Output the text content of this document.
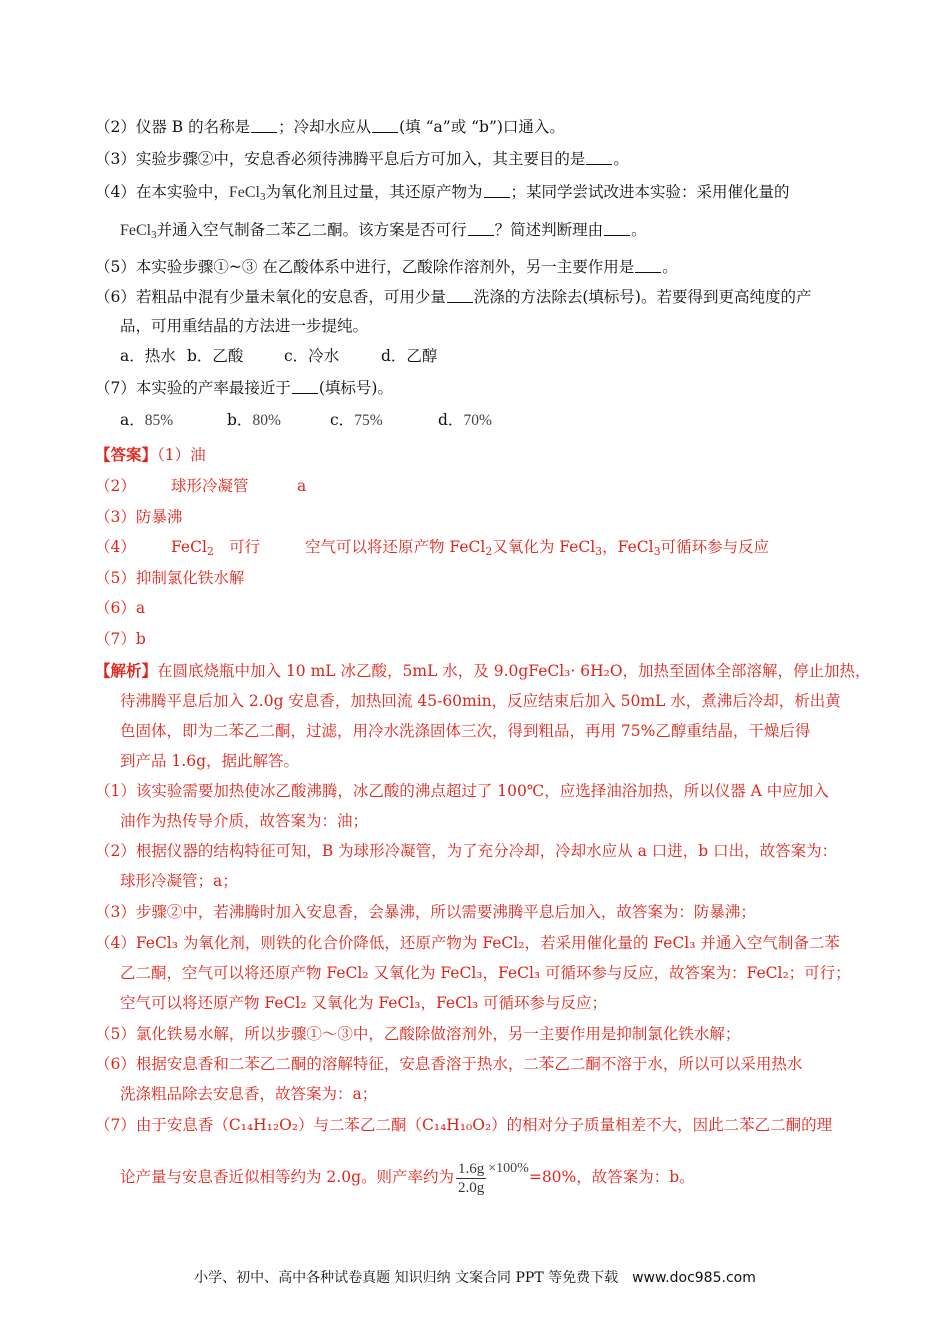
（2）仪器 B 的名称是 ；冷却水应从 (填 “a”或 “b”)口通入。
（3）实验步骤②中，安息香必须待沸腾平息后方可加入，其主要目的是 。
（4）在本实验中，FeCl$_3$为氧化剂且过量，其还原产物为 ；某同学尝试改进本实验：采用催化量的
FeCl$_3$并通入空气制备二苯乙二酮。该方案是否可行 ？简述判断理由 。
（5）本实验步骤①~③ 在乙酸体系中进行，乙酸除作溶剂外，另一主要作用是 。
（6）若粗品中混有少量未氧化的安息香，可用少量 洗涤的方法除去(填标号)。若要得到更高纯度的产
品，可用重结晶的方法进一步提纯。
a．热水 b．乙酸	c．冷水	d．乙醇
（7）本实验的产率最接近于 (填标号)。
a．85%	b．80%	c．75%	d．70%
【答案】（1）油
（2） 球形冷凝管	a
（3）防暴沸
（4） FeCl$_2$ 可行	空气可以将还原产物 FeCl$_2$又氧化为 FeCl$_3$，FeCl$_3$可循环参与反应
（5）抑制氯化铁水解
（6）a
（7）b
【解析】在圆底烧瓶中加入 10 mL 冰乙酸，5mL 水，及 9.0gFeCl₃· 6H₂O，加热至固体全部溶解，停止加热，
待沸腾平息后加入 2.0g 安息香，加热回流 45-60min，反应结束后加入 50mL 水，煮沸后冷却，析出黄
色固体，即为二苯乙二酮，过滤，用冷水洗涤固体三次，得到粗品，再用 75%乙醇重结晶，干燥后得
到产品 1.6g，据此解答。
（1）该实验需要加热使冰乙酸沸腾，冰乙酸的沸点超过了 100℃，应选择油浴加热，所以仪器 A 中应加入
油作为热传导介质，故答案为：油；
（2）根据仪器的结构特征可知，B 为球形冷凝管，为了充分冷却，冷却水应从 a 口进，b 口出，故答案为：
球形冷凝管；a；
（3）步骤②中，若沸腾时加入安息香，会暴沸，所以需要沸腾平息后加入，故答案为：防暴沸；
（4）FeCl₃ 为氧化剂，则铁的化合价降低，还原产物为 FeCl₂，若采用催化量的 FeCl₃ 并通入空气制备二苯
乙二酮，空气可以将还原产物 FeCl₂ 又氧化为 FeCl₃，FeCl₃ 可循环参与反应，故答案为：FeCl₂；可行；
空气可以将还原产物 FeCl₂ 又氧化为 FeCl₃，FeCl₃ 可循环参与反应；
（5）氯化铁易水解，所以步骤①～③中，乙酸除做溶剂外，另一主要作用是抑制氯化铁水解；
（6）根据安息香和二苯乙二酮的溶解特征，安息香溶于热水，二苯乙二酮不溶于水，所以可以采用热水
洗涤粗品除去安息香，故答案为：a；
（7）由于安息香（C₁₄H₁₂O₂）与二苯乙二酮（C₁₄H₁₀O₂）的相对分子质量相差不大，因此二苯乙二酮的理
论产量与安息香近似相等约为 2.0g。则产率约为 $\frac{1.6g}{2.0g} \times 100\%=80\%$，故答案为：b。
小学、初中、高中各种试卷真题 知识归纳 文案合同 PPT 等免费下载 www.doc985.com
